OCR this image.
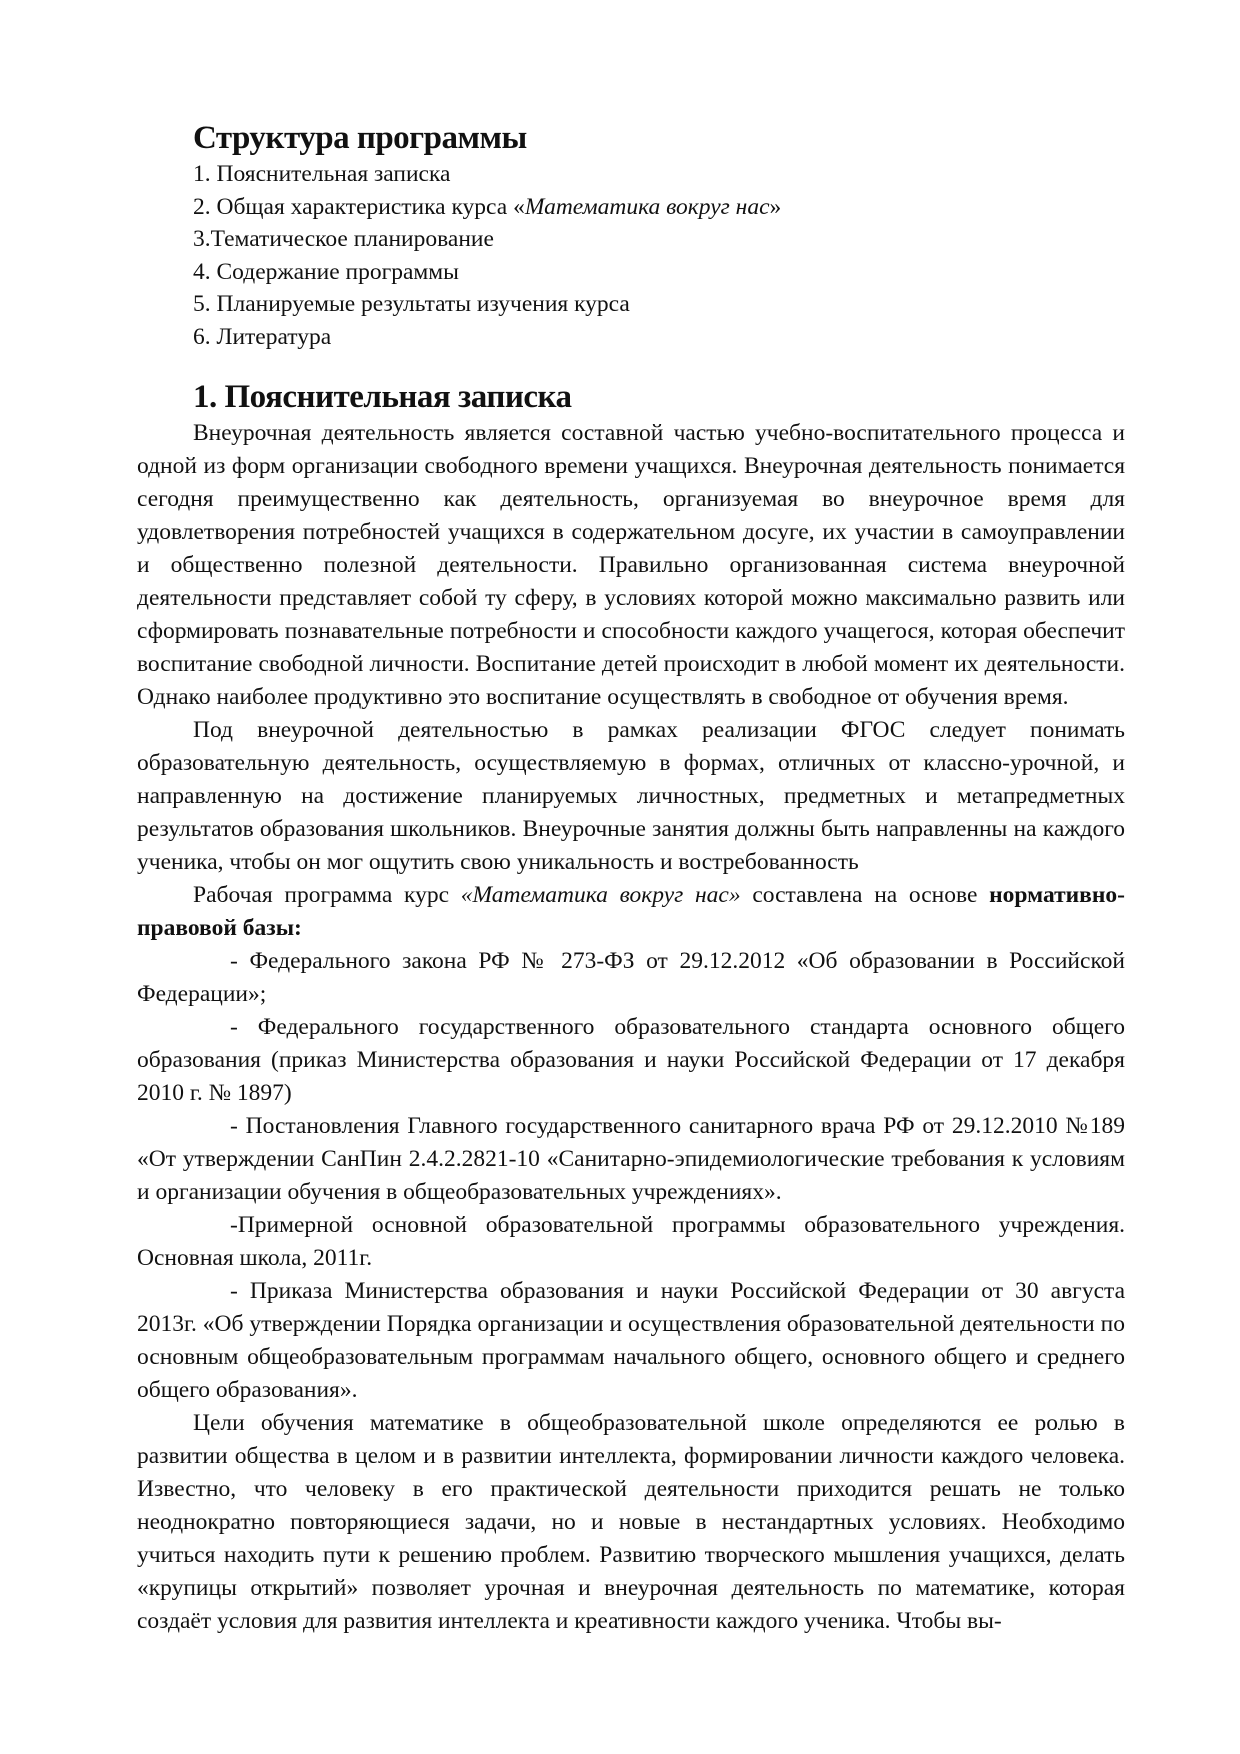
Структура программы
1. Пояснительная записка
2. Общая характеристика курса «Математика вокруг нас»
3.Тематическое планирование
4. Содержание программы
5. Планируемые результаты изучения курса
6. Литература
1. Пояснительная записка

Внеурочная деятельность является составной частью учебно-воспитательного процесса и одной из форм организации свободного времени учащихся. Внеурочная деятельность понимается сегодня преимущественно как деятельность, организуемая во внеурочное время для удовлетворения потребностей учащихся в содержательном досуге, их участии в самоуправлении и общественно полезной деятельности. Правильно организованная система внеурочной деятельности представляет собой ту сферу, в условиях которой можно максимально развить или сформировать познавательные потребности и способности каждого учащегося, которая обеспечит воспитание свободной личности. Воспитание детей происходит в любой момент их деятельности. Однако наиболее продуктивно это воспитание осуществлять в свободное от обучения время.

Под внеурочной деятельностью в рамках реализации ФГОС следует понимать образовательную деятельность, осуществляемую в формах, отличных от классно-урочной, и направленную на достижение планируемых личностных, предметных и метапредметных результатов образования школьников. Внеурочные занятия должны быть направленны на каждого ученика, чтобы он мог ощутить свою уникальность и востребованность

Рабочая программа курс «Математика вокруг нас» составлена на основе нормативно-правовой базы:

- Федерального закона РФ № 273-ФЗ от 29.12.2012 «Об образовании в Российской Федерации»;

- Федерального государственного образовательного стандарта основного общего образования (приказ Министерства образования и науки Российской Федерации от 17 декабря 2010 г. № 1897)

- Постановления Главного государственного санитарного врача РФ от 29.12.2010 №189 «От утверждении СанПин 2.4.2.2821-10 «Санитарно-эпидемиологические требования к условиям и организации обучения в общеобразовательных учреждениях».

-Примерной основной образовательной программы образовательного учреждения. Основная школа, 2011г.

- Приказа Министерства образования и науки Российской Федерации от 30 августа 2013г. «Об утверждении Порядка организации и осуществления образовательной деятельности по основным общеобразовательным программам начального общего, основного общего и среднего общего образования».

Цели обучения математике в общеобразовательной школе определяются ее ролью в развитии общества в целом и в развитии интеллекта, формировании личности каждого человека. Известно, что человеку в его практической деятельности приходится решать не только неоднократно повторяющиеся задачи, но и новые в нестандартных условиях. Необходимо учиться находить пути к решению проблем. Развитию творческого мышления учащихся, делать «крупицы открытий» позволяет урочная и внеурочная деятельность по математике, которая создаёт условия для развития интеллекта и креативности каждого ученика. Чтобы вы-
